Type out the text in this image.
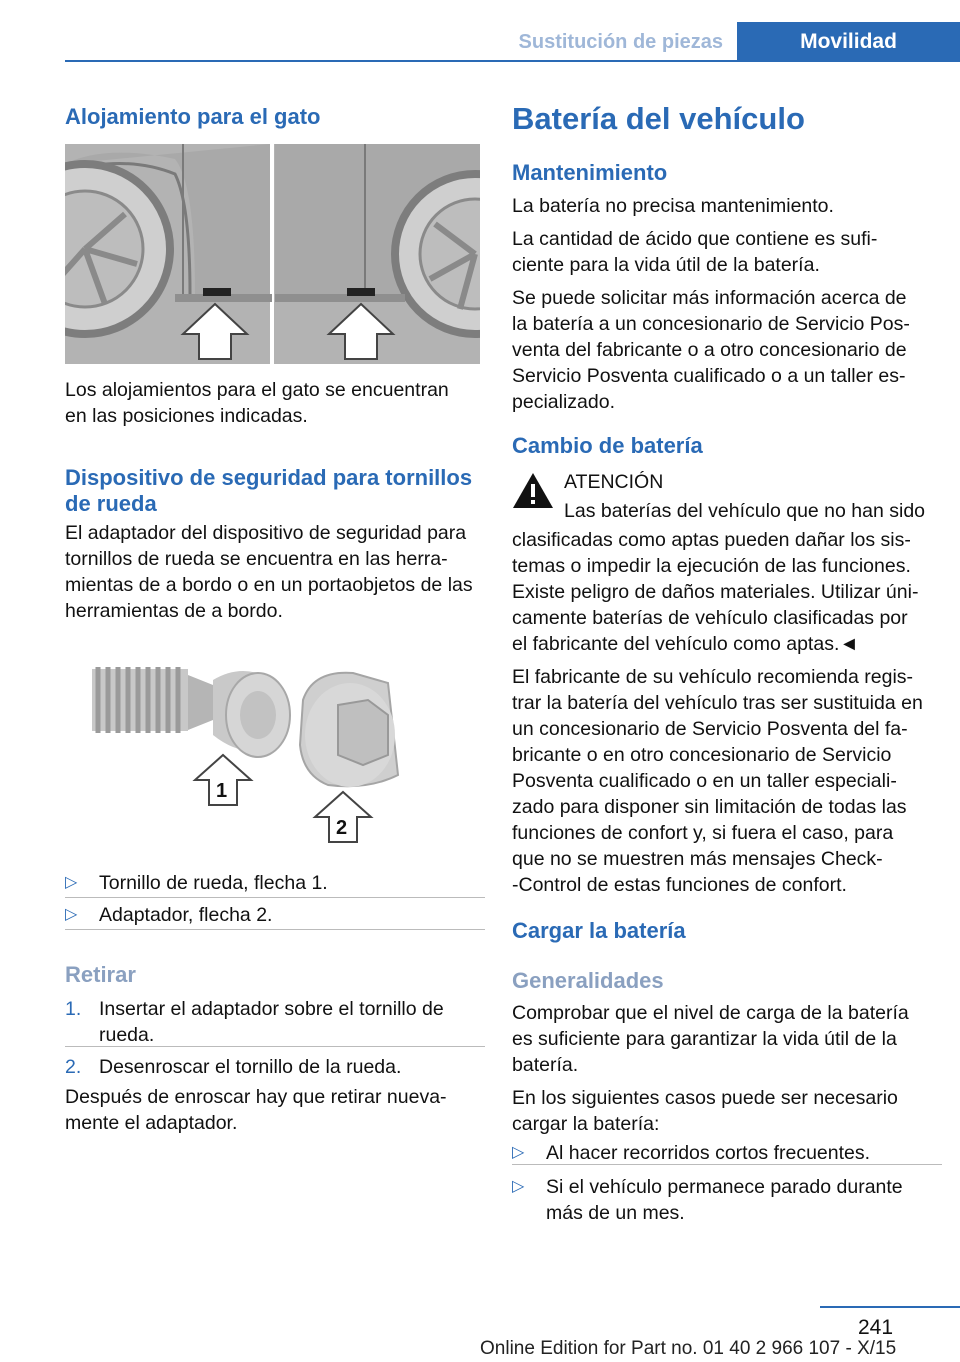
Sustitución de piezas	Movilidad
Alojamiento para el gato
Los alojamientos para el gato se encuentran
en las posiciones indicadas.
Dispositivo de seguridad para tornillos
de rueda
El adaptador del dispositivo de seguridad para
tornillos de rueda se encuentra en las herra-
mientas de a bordo o en un portaobjetos de las
herramientas de a bordo.
1
2
▷	Tornillo de rueda, flecha 1.
▷	Adaptador, flecha 2.
Retirar
1. Insertar el adaptador sobre el tornillo de
rueda.
2. Desenroscar el tornillo de la rueda.
Después de enroscar hay que retirar nueva-
mente el adaptador.
Batería del vehículo
Mantenimiento
La batería no precisa mantenimiento.
La cantidad de ácido que contiene es sufi-
ciente para la vida útil de la batería.
Se puede solicitar más información acerca de
la batería a un concesionario de Servicio Pos-
venta del fabricante o a otro concesionario de
Servicio Posventa cualificado o a un taller es-
pecializado.
Cambio de batería
ATENCIÓN
Las baterías del vehículo que no han sido
clasificadas como aptas pueden dañar los sis-
temas o impedir la ejecución de las funciones.
Existe peligro de daños materiales. Utilizar úni-
camente baterías de vehículo clasificadas por
el fabricante del vehículo como aptas.◄
El fabricante de su vehículo recomienda regis-
trar la batería del vehículo tras ser sustituida en
un concesionario de Servicio Posventa del fa-
bricante o en otro concesionario de Servicio
Posventa cualificado o en un taller especiali-
zado para disponer sin limitación de todas las
funciones de confort y, si fuera el caso, para
que no se muestren más mensajes Check-
-Control de estas funciones de confort.
Cargar la batería
Generalidades
Comprobar que el nivel de carga de la batería
es suficiente para garantizar la vida útil de la
batería.
En los siguientes casos puede ser necesario
cargar la batería:
▷	Al hacer recorridos cortos frecuentes.
▷	Si el vehículo permanece parado durante
más de un mes.
241
Online Edition for Part no. 01 40 2 966 107 - X/15
